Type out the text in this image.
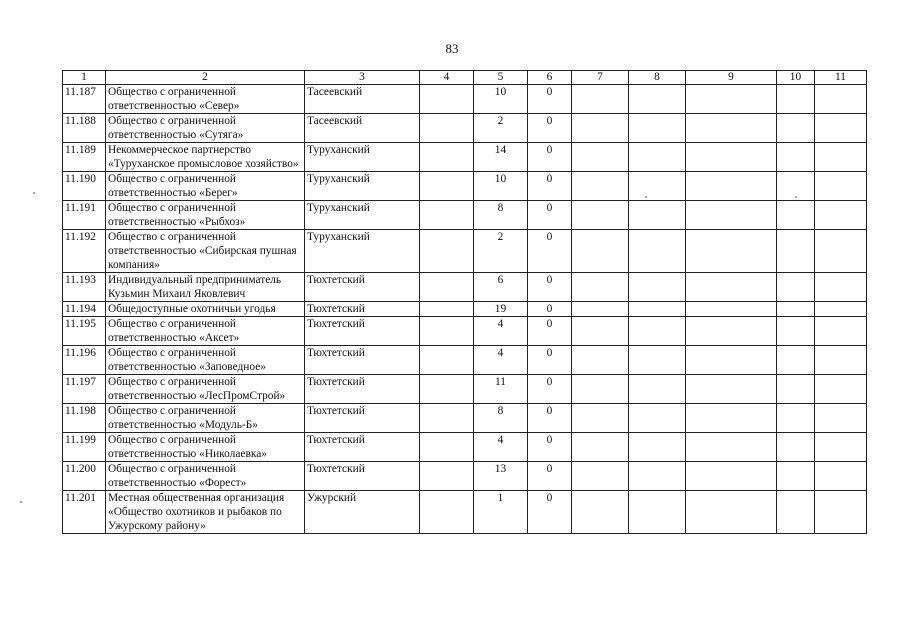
83
1	2	3	4	5	6	7	8	9	10	11
11.187	Общество с ограниченной ответственностью «Север»	Тасеевский		10	0					
11.188	Общество с ограниченной ответственностью «Сутяга»	Тасеевский		2	0					
11.189	Некоммерческое партнерство «Туруханское промысловое хозяйство»	Туруханский		14	0					
11.190	Общество с ограниченной ответственностью «Берег»	Туруханский		10	0					
11.191	Общество с ограниченной ответственностью «Рыбхоз»	Туруханский		8	0					
11.192	Общество с ограниченной ответственностью «Сибирская пушная компания»	Туруханский		2	0					
11.193	Индивидуальный предприниматель Кузьмин Михаил Яковлевич	Тюхтетский		6	0					
11.194	Общедоступные охотничьи угодья	Тюхтетский		19	0					
11.195	Общество с ограниченной ответственностью «Аксет»	Тюхтетский		4	0					
11.196	Общество с ограниченной ответственностью «Заповедное»	Тюхтетский		4	0					
11.197	Общество с ограниченной ответственностью «ЛесПромСтрой»	Тюхтетский		11	0					
11.198	Общество с ограниченной ответственностью «Модуль-Б»	Тюхтетский		8	0					
11.199	Общество с ограниченной ответственностью «Николаевка»	Тюхтетский		4	0					
11.200	Общество с ограниченной ответственностью «Форест»	Тюхтетский		13	0					
11.201	Местная общественная организация «Общество охотников и рыбаков по Ужурскому району»	Ужурский		1	0					
